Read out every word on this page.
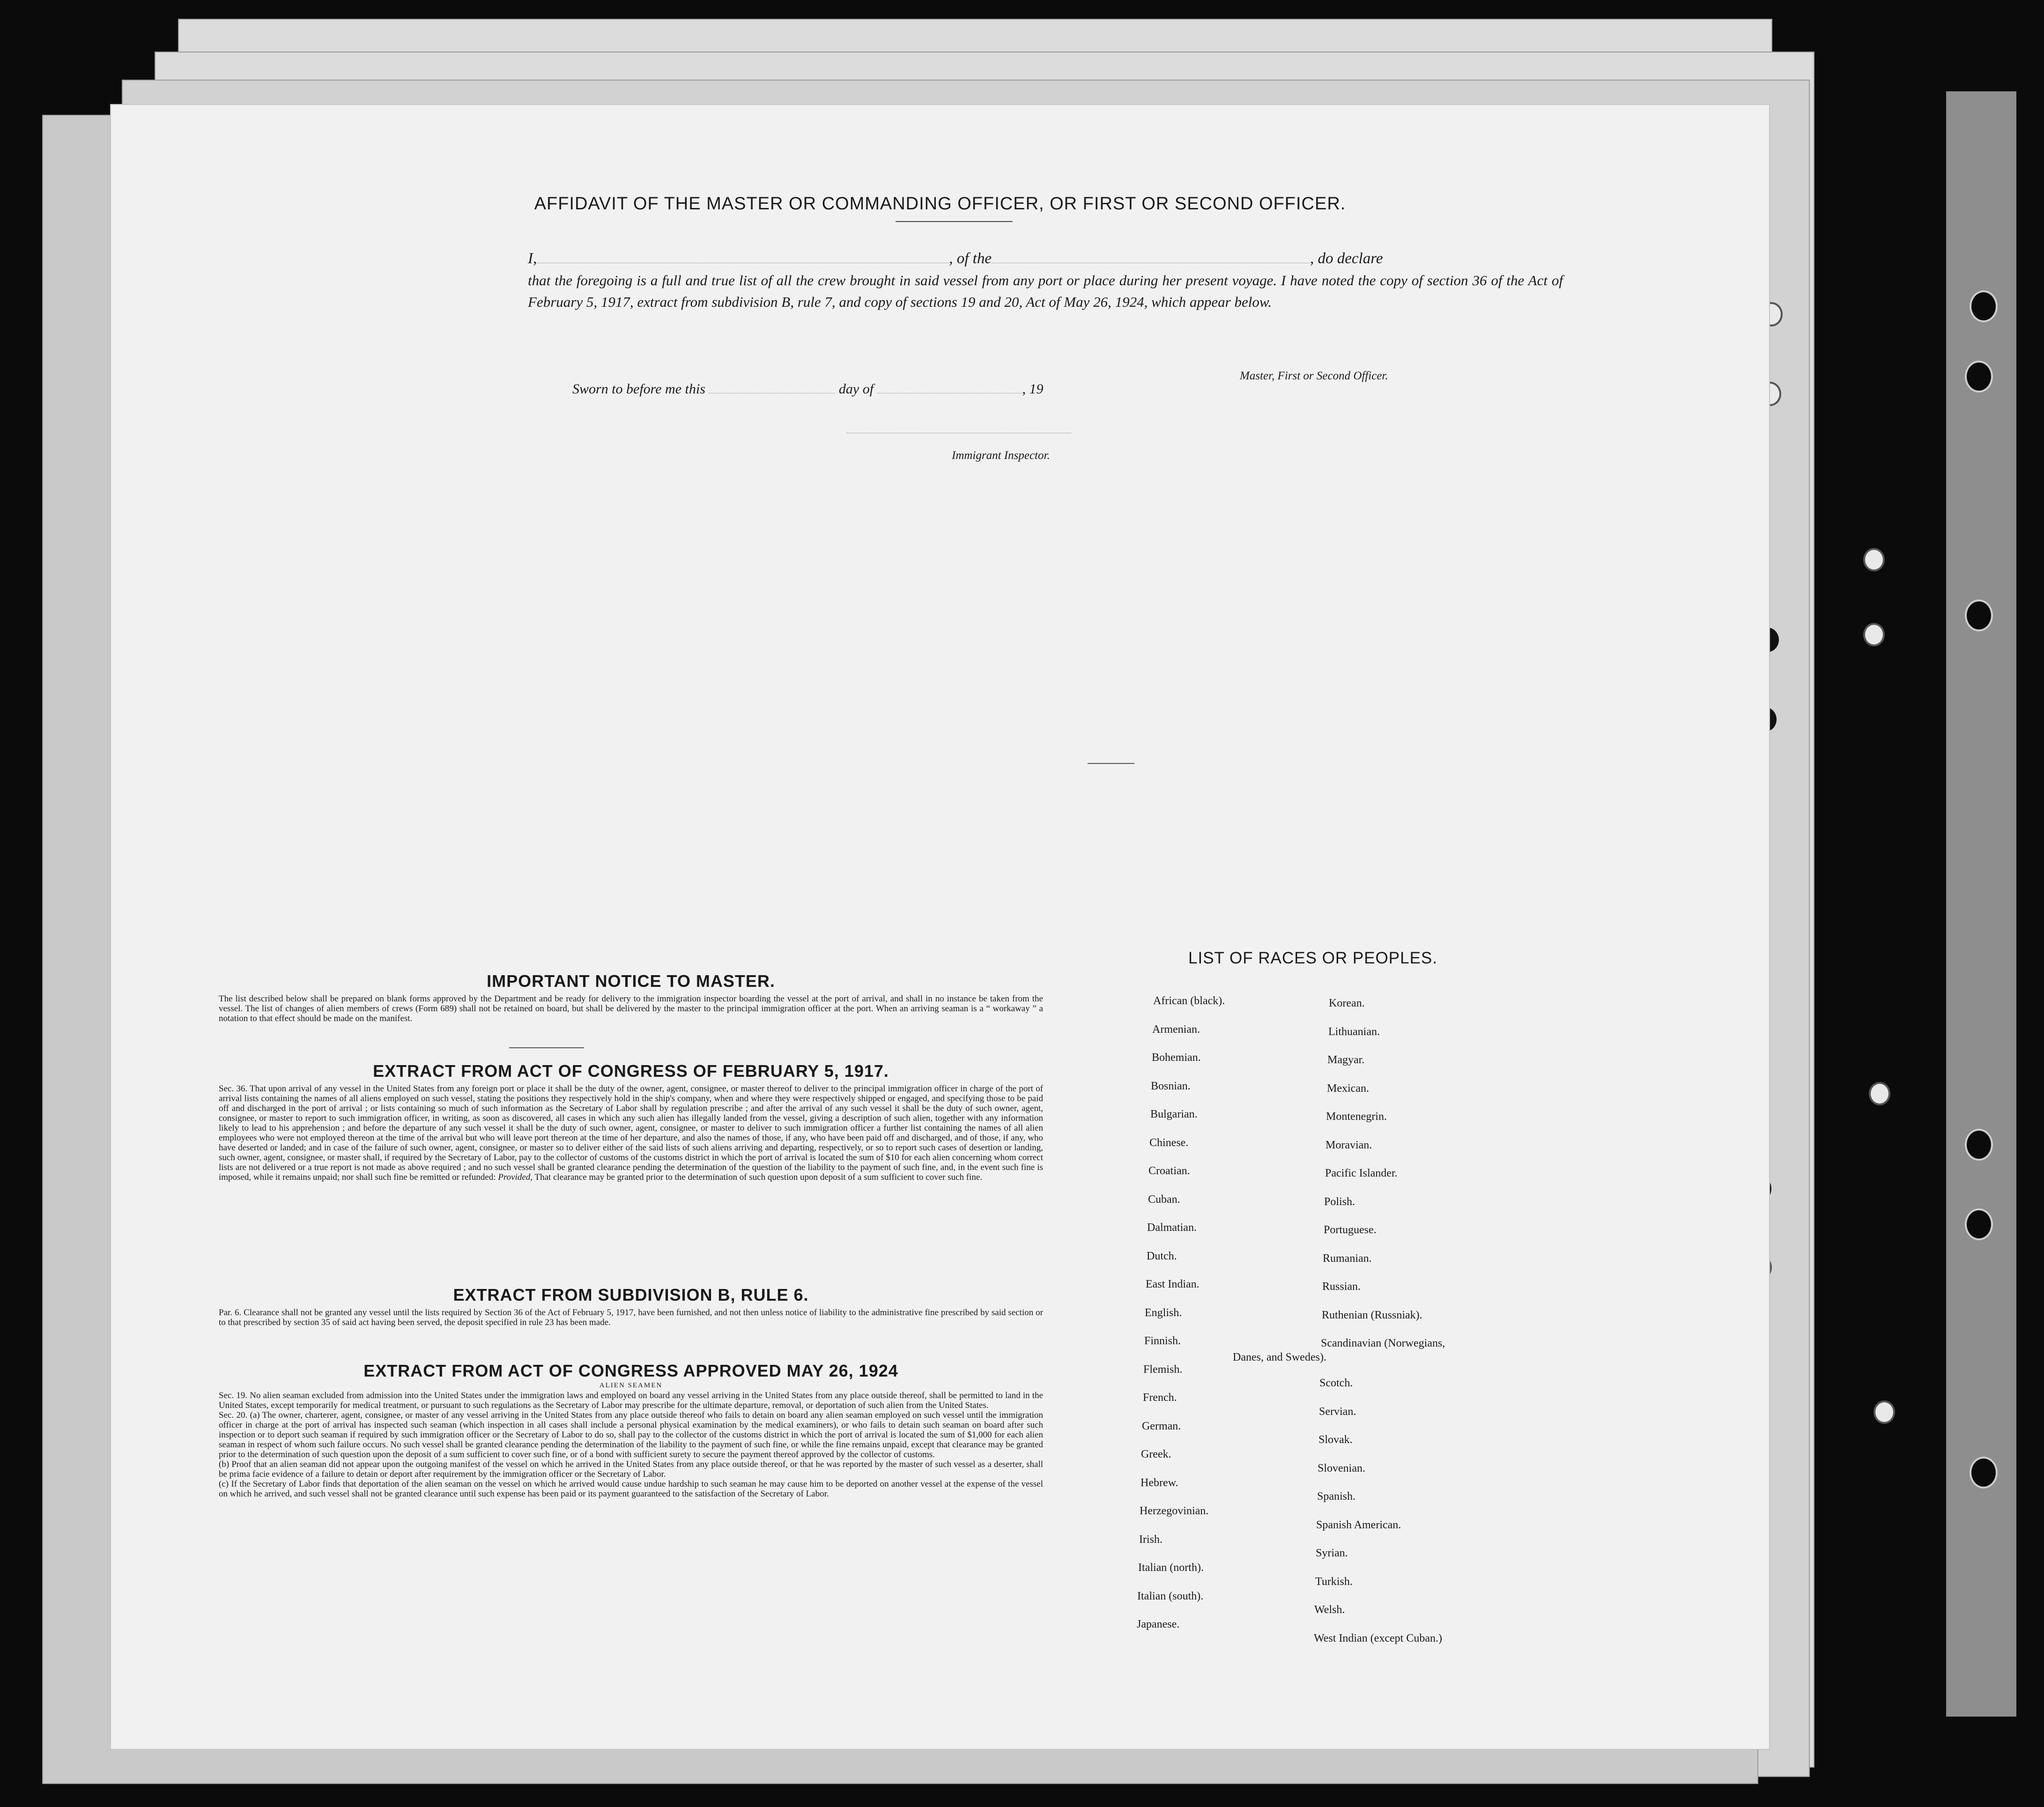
AFFIDAVIT OF THE MASTER OR COMMANDING OFFICER, OR FIRST OR SECOND OFFICER.
I,	, of the	, do declare
that the foregoing is a full and true list of all the crew brought in said vessel from any port or place during her present voyage. I have noted the copy of section 36 of the Act of February 5, 1917, extract from subdivision B, rule 7, and copy of sections 19 and 20, Act of May 26, 1924, which appear below.
Master, First or Second Officer.
Sworn to before me this	day of	, 19
Immigrant Inspector.
IMPORTANT NOTICE TO MASTER.

The list described below shall be prepared on blank forms approved by the Department and be ready for delivery to the immigration inspector boarding the vessel at the port of arrival, and shall in no instance be taken from the vessel. The list of changes of alien members of crews (Form 689) shall not be retained on board, but shall be delivered by the master to the principal immigration officer at the port. When an arriving seaman is a “ workaway ” a notation to that effect should be made on the manifest.

EXTRACT FROM ACT OF CONGRESS OF FEBRUARY 5, 1917.

Sec. 36. That upon arrival of any vessel in the United States from any foreign port or place it shall be the duty of the owner, agent, consignee, or master thereof to deliver to the principal immigration officer in charge of the port of arrival lists containing the names of all aliens employed on such vessel, stating the positions they respectively hold in the ship's company, when and where they were respectively shipped or engaged, and specifying those to be paid off and discharged in the port of arrival ; or lists containing so much of such information as the Secretary of Labor shall by regulation prescribe ; and after the arrival of any such vessel it shall be the duty of such owner, agent, consignee, or master to report to such immigration officer, in writing, as soon as discovered, all cases in which any such alien has illegally landed from the vessel, giving a description of such alien, together with any information likely to lead to his apprehension ; and before the departure of any such vessel it shall be the duty of such owner, agent, consignee, or master to deliver to such immigration officer a further list containing the names of all alien employees who were not employed thereon at the time of the arrival but who will leave port thereon at the time of her departure, and also the names of those, if any, who have been paid off and discharged, and of those, if any, who have deserted or landed; and in case of the failure of such owner, agent, consignee, or master so to deliver either of the said lists of such aliens arriving and departing, respectively, or so to report such cases of desertion or landing, such owner, agent, consignee, or master shall, if required by the Secretary of Labor, pay to the collector of customs of the customs district in which the port of arrival is located the sum of $10 for each alien concerning whom correct lists are not delivered or a true report is not made as above required ; and no such vessel shall be granted clearance pending the determination of the question of the liability to the payment of such fine, and, in the event such fine is imposed, while it remains unpaid; nor shall such fine be remitted or refunded: Provided, That clearance may be granted prior to the determination of such question upon deposit of a sum sufficient to cover such fine.

EXTRACT FROM SUBDIVISION B, RULE 6.

Par. 6. Clearance shall not be granted any vessel until the lists required by Section 36 of the Act of February 5, 1917, have been furnished, and not then unless notice of liability to the administrative fine prescribed by said section or to that prescribed by section 35 of said act having been served, the deposit specified in rule 23 has been made.

EXTRACT FROM ACT OF CONGRESS APPROVED MAY 26, 1924
ALIEN SEAMEN

Sec. 19. No alien seaman excluded from admission into the United States under the immigration laws and employed on board any vessel arriving in the United States from any place outside thereof, shall be permitted to land in the United States, except temporarily for medical treatment, or pursuant to such regulations as the Secretary of Labor may prescribe for the ultimate departure, removal, or deportation of such alien from the United States.

Sec. 20. (a) The owner, charterer, agent, consignee, or master of any vessel arriving in the United States from any place outside thereof who fails to detain on board any alien seaman employed on such vessel until the immigration officer in charge at the port of arrival has inspected such seaman (which inspection in all cases shall include a personal physical examination by the medical examiners), or who fails to detain such seaman on board after such inspection or to deport such seaman if required by such immigration officer or the Secretary of Labor to do so, shall pay to the collector of the customs district in which the port of arrival is located the sum of $1,000 for each alien seaman in respect of whom such failure occurs. No such vessel shall be granted clearance pending the determination of the liability to the payment of such fine, or while the fine remains unpaid, except that clearance may be granted prior to the determination of such question upon the deposit of a sum sufficient to cover such fine, or of a bond with sufficient surety to secure the payment thereof approved by the collector of customs.

(b) Proof that an alien seaman did not appear upon the outgoing manifest of the vessel on which he arrived in the United States from any place outside thereof, or that he was reported by the master of such vessel as a deserter, shall be prima facie evidence of a failure to detain or deport after requirement by the immigration officer or the Secretary of Labor.

(c) If the Secretary of Labor finds that deportation of the alien seaman on the vessel on which he arrived would cause undue hardship to such seaman he may cause him to be deported on another vessel at the expense of the vessel on which he arrived, and such vessel shall not be granted clearance until such expense has been paid or its payment guaranteed to the satisfaction of the Secretary of Labor.

LIST OF RACES OR PEOPLES.
African (black).
Armenian.
Bohemian.
Bosnian.
Bulgarian.
Chinese.
Croatian.
Cuban.
Dalmatian.
Dutch.
East Indian.
English.
Finnish.
Flemish.
French.
German.
Greek.
Hebrew.
Herzegovinian.
Irish.
Italian (north).
Italian (south).
Japanese.
Korean.
Lithuanian.
Magyar.
Mexican.
Montenegrin.
Moravian.
Pacific Islander.
Polish.
Portuguese.
Rumanian.
Russian.
Ruthenian (Russniak).
Scandinavian (Norwegians,
Danes, and Swedes).
Scotch.
Servian.
Slovak.
Slovenian.
Spanish.
Spanish American.
Syrian.
Turkish.
Welsh.
West Indian (except Cuban.)
